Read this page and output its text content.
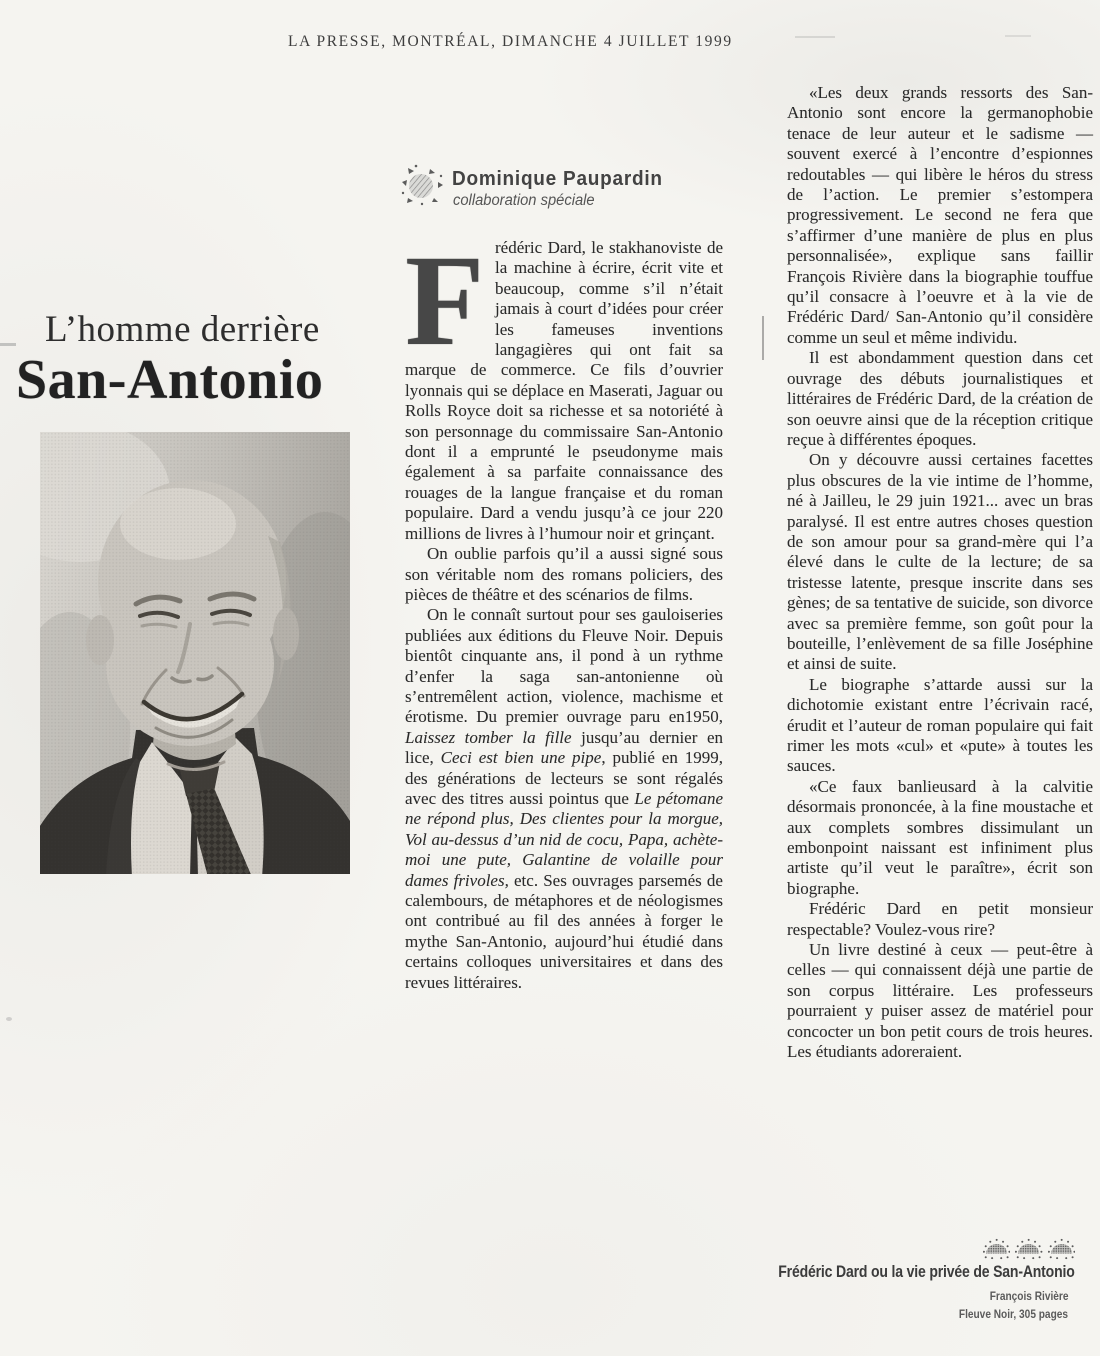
LA PRESSE, MONTRÉAL, DIMANCHE 4 JUILLET 1999
Dominique Paupardin
collaboration spéciale
L’homme derrière
San-Antonio
F rédéric Dard, le stakhanoviste de la machine à écrire, écrit vite et beaucoup, comme s’il n’était jamais à court d’idées pour créer les fameuses inventions langagières qui ont fait sa marque de commerce. Ce fils d’ouvrier lyonnais qui se déplace en Maserati, Jaguar ou Rolls Royce doit sa richesse et sa notoriété à son personnage du commissaire San-Antonio dont il a emprunté le pseudonyme mais également à sa parfaite connaissance des rouages de la langue française et du roman populaire. Dard a vendu jusqu’à ce jour 220 millions de livres à l’humour noir et grinçant.

On oublie parfois qu’il a aussi signé sous son véritable nom des romans policiers, des pièces de théâtre et des scénarios de films.

On le connaît surtout pour ses gauloiseries publiées aux éditions du Fleuve Noir. Depuis bientôt cinquante ans, il pond à un rythme d’enfer la saga san-antonienne où s’entremêlent action, violence, machisme et érotisme. Du premier ouvrage paru en1950, Laissez tomber la fille jusqu’au dernier en lice, Ceci est bien une pipe, publié en 1999, des générations de lecteurs se sont régalés avec des titres aussi pointus que Le pétomane ne répond plus, Des clientes pour la morgue, Vol au-dessus d’un nid de cocu, Papa, achète-moi une pute, Galantine de volaille pour dames frivoles, etc. Ses ouvrages parsemés de calembours, de métaphores et de néologismes ont contribué au fil des années à forger le mythe San-Antonio, aujourd’hui étudié dans certains colloques universitaires et dans des revues littéraires.

«Les deux grands ressorts des San-Antonio sont encore la germanophobie tenace de leur auteur et le sadisme — souvent exercé à l’encontre d’espionnes redoutables — qui libère le héros du stress de l’action. Le premier s’estompera progressivement. Le second ne fera que s’affirmer d’une manière de plus en plus personnalisée», explique sans faillir François Rivière dans la biographie touffue qu’il consacre à l’oeuvre et à la vie de Frédéric Dard/ San-Antonio qu’il considère comme un seul et même individu.

Il est abondamment question dans cet ouvrage des débuts journalistiques et littéraires de Frédéric Dard, de la création de son oeuvre ainsi que de la réception critique reçue à différentes époques.

On y découvre aussi certaines facettes plus obscures de la vie intime de l’homme, né à Jailleu, le 29 juin 1921... avec un bras paralysé. Il est entre autres choses question de son amour pour sa grand-mère qui l’a élevé dans le culte de la lecture; de sa tristesse latente, presque inscrite dans ses gènes; de sa tentative de suicide, son divorce avec sa première femme, son goût pour la bouteille, l’enlèvement de sa fille Joséphine et ainsi de suite.

Le biographe s’attarde aussi sur la dichotomie existant entre l’écrivain racé, érudit et l’auteur de roman populaire qui fait rimer les mots «cul» et «pute» à toutes les sauces.

«Ce faux banlieusard à la calvitie désormais prononcée, à la fine moustache et aux complets sombres dissimulant un embonpoint naissant est infiniment plus artiste qu’il veut le paraître», écrit son biographe.

Frédéric Dard en petit monsieur respectable? Voulez-vous rire?

Un livre destiné à ceux — peut-être à celles — qui connaissent déjà une partie de son corpus littéraire. Les professeurs pourraient y puiser assez de matériel pour concocter un bon petit cours de trois heures. Les étudiants adoreraient.

Frédéric Dard ou la vie privée de San-Antonio
François Rivière
Fleuve Noir, 305 pages
